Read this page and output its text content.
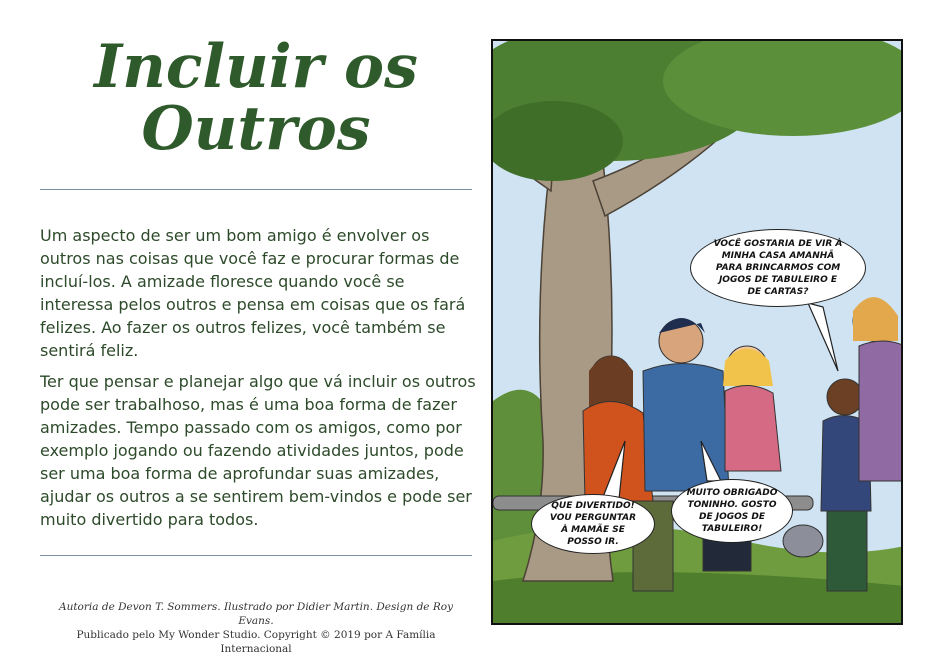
Incluir os
Outros

Um aspecto de ser um bom amigo é envolver os outros nas coisas que você faz e procurar formas de incluí-los. A amizade floresce quando você se interessa pelos outros e pensa em coisas que os fará felizes. Ao fazer os outros felizes, você também se sentirá feliz.

Ter que pensar e planejar algo que vá incluir os outros pode ser trabalhoso, mas é uma boa forma de fazer amizades. Tempo passado com os amigos, como por exemplo jogando ou fazendo atividades juntos, pode ser uma boa forma de aprofundar suas amizades, ajudar os outros a se sentirem bem-vindos e pode ser muito divertido para todos.

Autoria de Devon T. Sommers. Ilustrado por Didier Martin. Design de Roy Evans.
Publicado pelo My Wonder Studio. Copyright © 2019 por A Família Internacional
VOCÊ GOSTARIA DE VIR À MINHA CASA AMANHÃ PARA BRINCARMOS COM JOGOS DE TABULEIRO E DE CARTAS?
QUE DIVERTIDO! VOU PERGUNTAR À MAMÃE SE POSSO IR.
MUITO OBRIGADO TONINHO. GOSTO DE JOGOS DE TABULEIRO!
